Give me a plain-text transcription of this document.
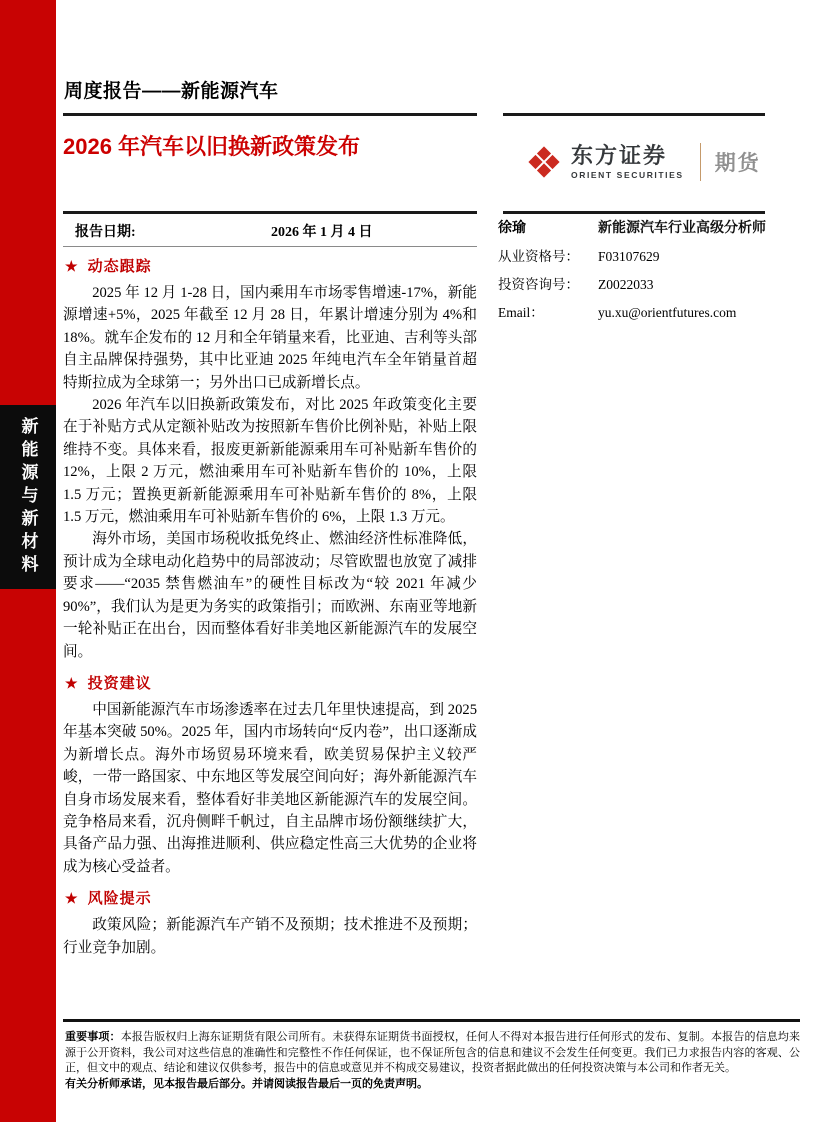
新能源与新材料
周度报告——新能源汽车
2026 年汽车以旧换新政策发布
报告日期:	2026 年 1 月 4 日
东方证券
ORIENT SECURITIES 期货
徐瑜	新能源汽车行业高级分析师
从业资格号：	F03107629
投资咨询号：	Z0022033
Email：	yu.xu@orientfutures.com
★ 动态跟踪

2025 年 12 月 1-28 日，国内乘用车市场零售增速-17%，新能源增速+5%，2025 年截至 12 月 28 日，年累计增速分别为 4%和 18%。就车企发布的 12 月和全年销量来看，比亚迪、吉利等头部自主品牌保持强势，其中比亚迪 2025 年纯电汽车全年销量首超特斯拉成为全球第一；另外出口已成新增长点。

2026 年汽车以旧换新政策发布，对比 2025 年政策变化主要在于补贴方式从定额补贴改为按照新车售价比例补贴，补贴上限维持不变。具体来看，报废更新新能源乘用车可补贴新车售价的 12%，上限 2 万元，燃油乘用车可补贴新车售价的 10%，上限 1.5 万元；置换更新新能源乘用车可补贴新车售价的 8%，上限 1.5 万元，燃油乘用车可补贴新车售价的 6%，上限 1.3 万元。

海外市场，美国市场税收抵免终止、燃油经济性标准降低，预计成为全球电动化趋势中的局部波动；尽管欧盟也放宽了减排要求——“2035 禁售燃油车”的硬性目标改为“较 2021 年减少 90%”，我们认为是更为务实的政策指引；而欧洲、东南亚等地新一轮补贴正在出台，因而整体看好非美地区新能源汽车的发展空间。

★ 投资建议

中国新能源汽车市场渗透率在过去几年里快速提高，到 2025 年基本突破 50%。2025 年，国内市场转向“反内卷”，出口逐渐成为新增长点。海外市场贸易环境来看，欧美贸易保护主义较严峻，一带一路国家、中东地区等发展空间向好；海外新能源汽车自身市场发展来看，整体看好非美地区新能源汽车的发展空间。竞争格局来看，沉舟侧畔千帆过，自主品牌市场份额继续扩大，具备产品力强、出海推进顺利、供应稳定性高三大优势的企业将成为核心受益者。

★ 风险提示

政策风险；新能源汽车产销不及预期；技术推进不及预期；行业竞争加剧。

重要事项：本报告版权归上海东证期货有限公司所有。未获得东证期货书面授权，任何人不得对本报告进行任何形式的发布、复制。本报告的信息均来源于公开资料，我公司对这些信息的准确性和完整性不作任何保证，也不保证所包含的信息和建议不会发生任何变更。我们已力求报告内容的客观、公正，但文中的观点、结论和建议仅供参考，报告中的信息或意见并不构成交易建议，投资者据此做出的任何投资决策与本公司和作者无关。

有关分析师承诺，见本报告最后部分。并请阅读报告最后一页的免责声明。
